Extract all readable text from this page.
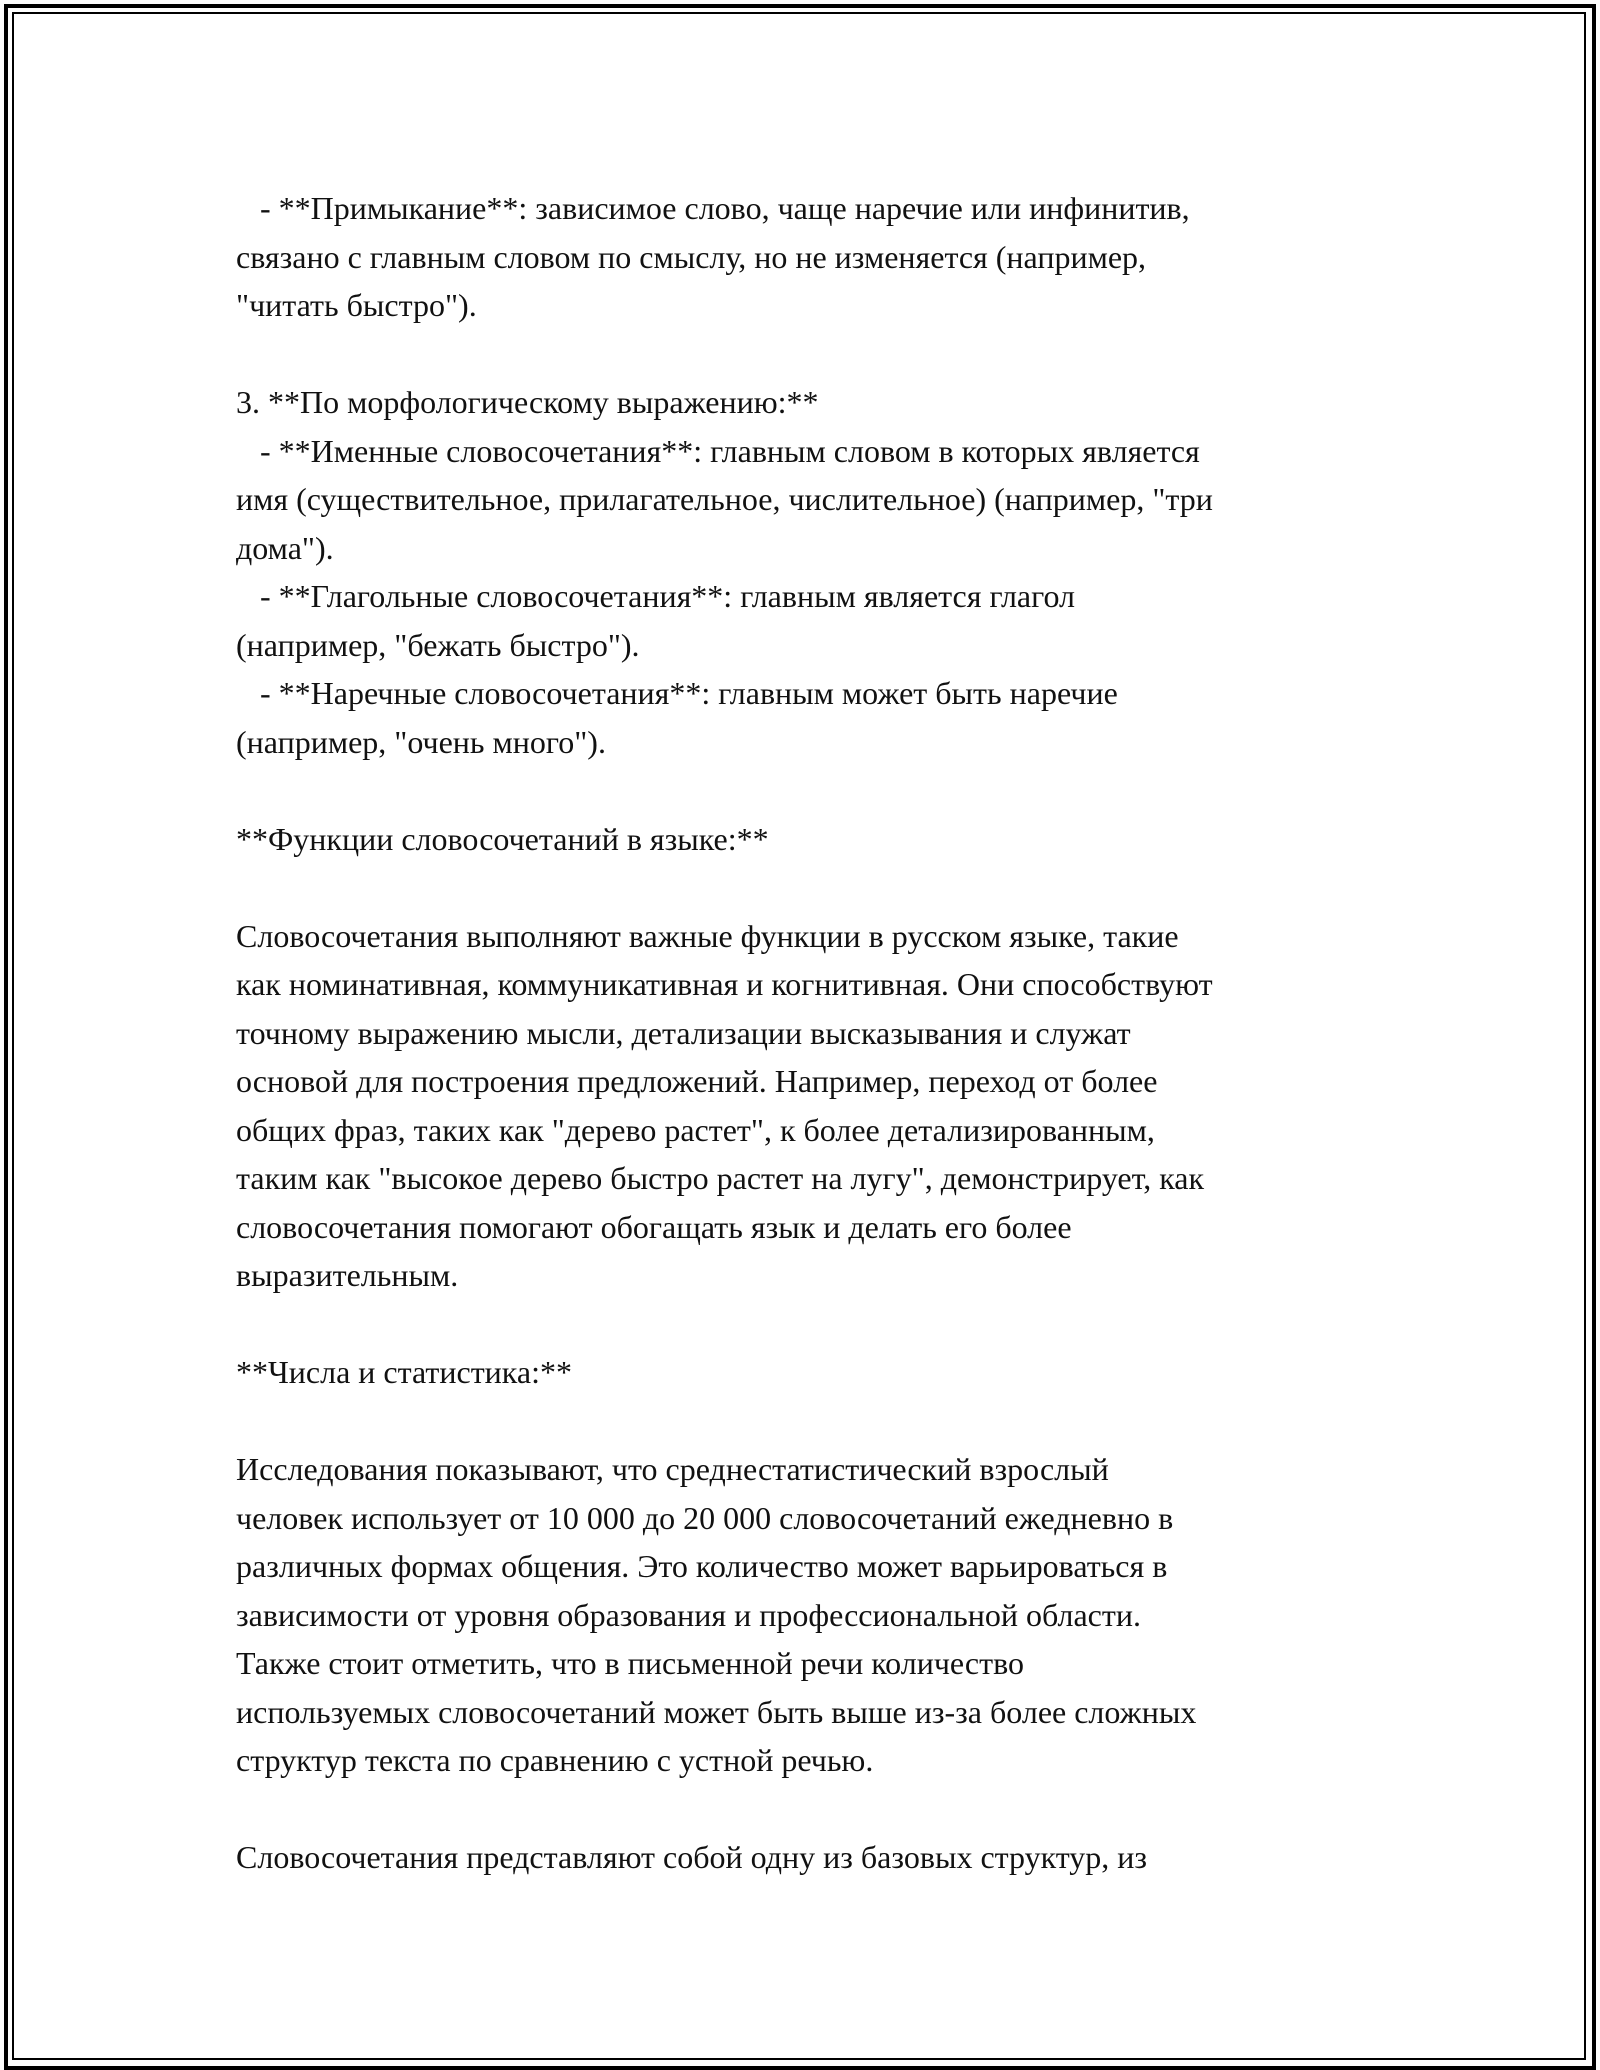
- **Примыкание**: зависимое слово, чаще наречие или инфинитив,

связано с главным словом по смыслу, но не изменяется (например,

"читать быстро").

3. **По морфологическому выражению:**

- **Именные словосочетания**: главным словом в которых является

имя (существительное, прилагательное, числительное) (например, "три

дома").

- **Глагольные словосочетания**: главным является глагол

(например, "бежать быстро").

- **Наречные словосочетания**: главным может быть наречие

(например, "очень много").

**Функции словосочетаний в языке:**

Словосочетания выполняют важные функции в русском языке, такие

как номинативная, коммуникативная и когнитивная. Они способствуют

точному выражению мысли, детализации высказывания и служат

основой для построения предложений. Например, переход от более

общих фраз, таких как "дерево растет", к более детализированным,

таким как "высокое дерево быстро растет на лугу", демонстрирует, как

словосочетания помогают обогащать язык и делать его более

выразительным.

**Числа и статистика:**

Исследования показывают, что среднестатистический взрослый

человек использует от 10 000 до 20 000 словосочетаний ежедневно в

различных формах общения. Это количество может варьироваться в

зависимости от уровня образования и профессиональной области.

Также стоит отметить, что в письменной речи количество

используемых словосочетаний может быть выше из-за более сложных

структур текста по сравнению с устной речью.

Словосочетания представляют собой одну из базовых структур, из
